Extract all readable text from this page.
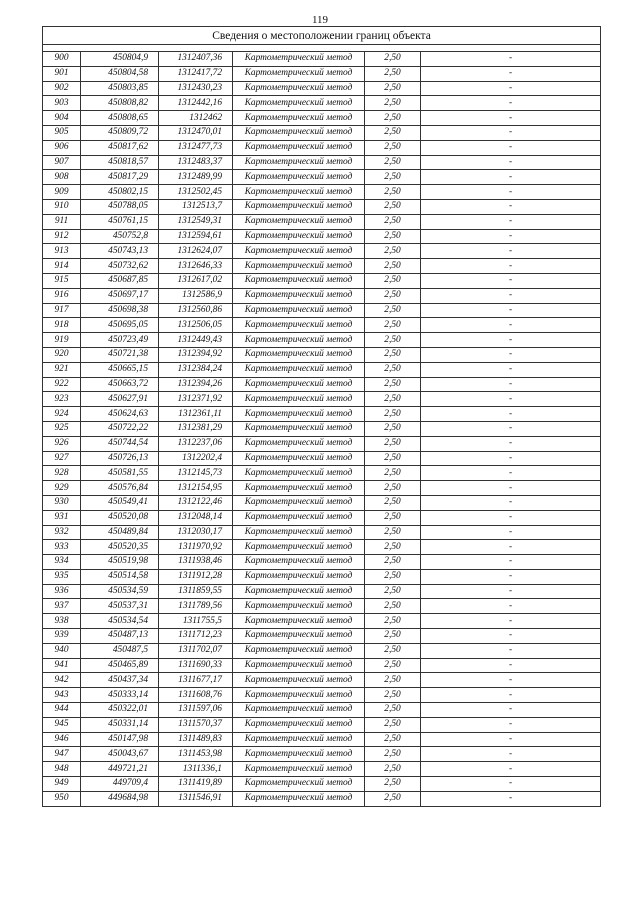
119
Сведения о местоположении границ объекта					

900	450804,9	1312407,36	Картометрический метод	2,50	-
901	450804,58	1312417,72	Картометрический метод	2,50	-
902	450803,85	1312430,23	Картометрический метод	2,50	-
903	450808,82	1312442,16	Картометрический метод	2,50	-
904	450808,65	1312462	Картометрический метод	2,50	-
905	450809,72	1312470,01	Картометрический метод	2,50	-
906	450817,62	1312477,73	Картометрический метод	2,50	-
907	450818,57	1312483,37	Картометрический метод	2,50	-
908	450817,29	1312489,99	Картометрический метод	2,50	-
909	450802,15	1312502,45	Картометрический метод	2,50	-
910	450788,05	1312513,7	Картометрический метод	2,50	-
911	450761,15	1312549,31	Картометрический метод	2,50	-
912	450752,8	1312594,61	Картометрический метод	2,50	-
913	450743,13	1312624,07	Картометрический метод	2,50	-
914	450732,62	1312646,33	Картометрический метод	2,50	-
915	450687,85	1312617,02	Картометрический метод	2,50	-
916	450697,17	1312586,9	Картометрический метод	2,50	-
917	450698,38	1312560,86	Картометрический метод	2,50	-
918	450695,05	1312506,05	Картометрический метод	2,50	-
919	450723,49	1312449,43	Картометрический метод	2,50	-
920	450721,38	1312394,92	Картометрический метод	2,50	-
921	450665,15	1312384,24	Картометрический метод	2,50	-
922	450663,72	1312394,26	Картометрический метод	2,50	-
923	450627,91	1312371,92	Картометрический метод	2,50	-
924	450624,63	1312361,11	Картометрический метод	2,50	-
925	450722,22	1312381,29	Картометрический метод	2,50	-
926	450744,54	1312237,06	Картометрический метод	2,50	-
927	450726,13	1312202,4	Картометрический метод	2,50	-
928	450581,55	1312145,73	Картометрический метод	2,50	-
929	450576,84	1312154,95	Картометрический метод	2,50	-
930	450549,41	1312122,46	Картометрический метод	2,50	-
931	450520,08	1312048,14	Картометрический метод	2,50	-
932	450489,84	1312030,17	Картометрический метод	2,50	-
933	450520,35	1311970,92	Картометрический метод	2,50	-
934	450519,98	1311938,46	Картометрический метод	2,50	-
935	450514,58	1311912,28	Картометрический метод	2,50	-
936	450534,59	1311859,55	Картометрический метод	2,50	-
937	450537,31	1311789,56	Картометрический метод	2,50	-
938	450534,54	1311755,5	Картометрический метод	2,50	-
939	450487,13	1311712,23	Картометрический метод	2,50	-
940	450487,5	1311702,07	Картометрический метод	2,50	-
941	450465,89	1311690,33	Картометрический метод	2,50	-
942	450437,34	1311677,17	Картометрический метод	2,50	-
943	450333,14	1311608,76	Картометрический метод	2,50	-
944	450322,01	1311597,06	Картометрический метод	2,50	-
945	450331,14	1311570,37	Картометрический метод	2,50	-
946	450147,98	1311489,83	Картометрический метод	2,50	-
947	450043,67	1311453,98	Картометрический метод	2,50	-
948	449721,21	1311336,1	Картометрический метод	2,50	-
949	449709,4	1311419,89	Картометрический метод	2,50	-
950	449684,98	1311546,91	Картометрический метод	2,50	-
